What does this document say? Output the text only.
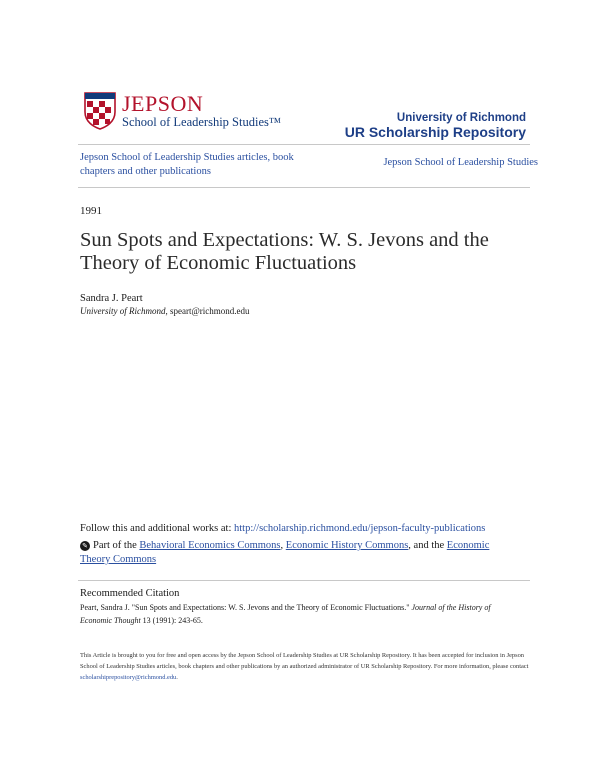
JEPSON
School of Leadership Studies™	University of Richmond
UR Scholarship Repository
Jepson School of Leadership Studies articles, book chapters and other publications
Jepson School of Leadership Studies
1991
Sun Spots and Expectations: W. S. Jevons and the Theory of Economic Fluctuations
Sandra J. Peart
University of Richmond, speart@richmond.edu
Follow this and additional works at: http://scholarship.richmond.edu/jepson-faculty-publications
✎ Part of the Behavioral Economics Commons, Economic History Commons, and the Economic Theory Commons
Recommended Citation
Peart, Sandra J. "Sun Spots and Expectations: W. S. Jevons and the Theory of Economic Fluctuations." Journal of the History of Economic Thought 13 (1991): 243-65.
This Article is brought to you for free and open access by the Jepson School of Leadership Studies at UR Scholarship Repository. It has been accepted for inclusion in Jepson School of Leadership Studies articles, book chapters and other publications by an authorized administrator of UR Scholarship Repository. For more information, please contact scholarshiprepository@richmond.edu.
